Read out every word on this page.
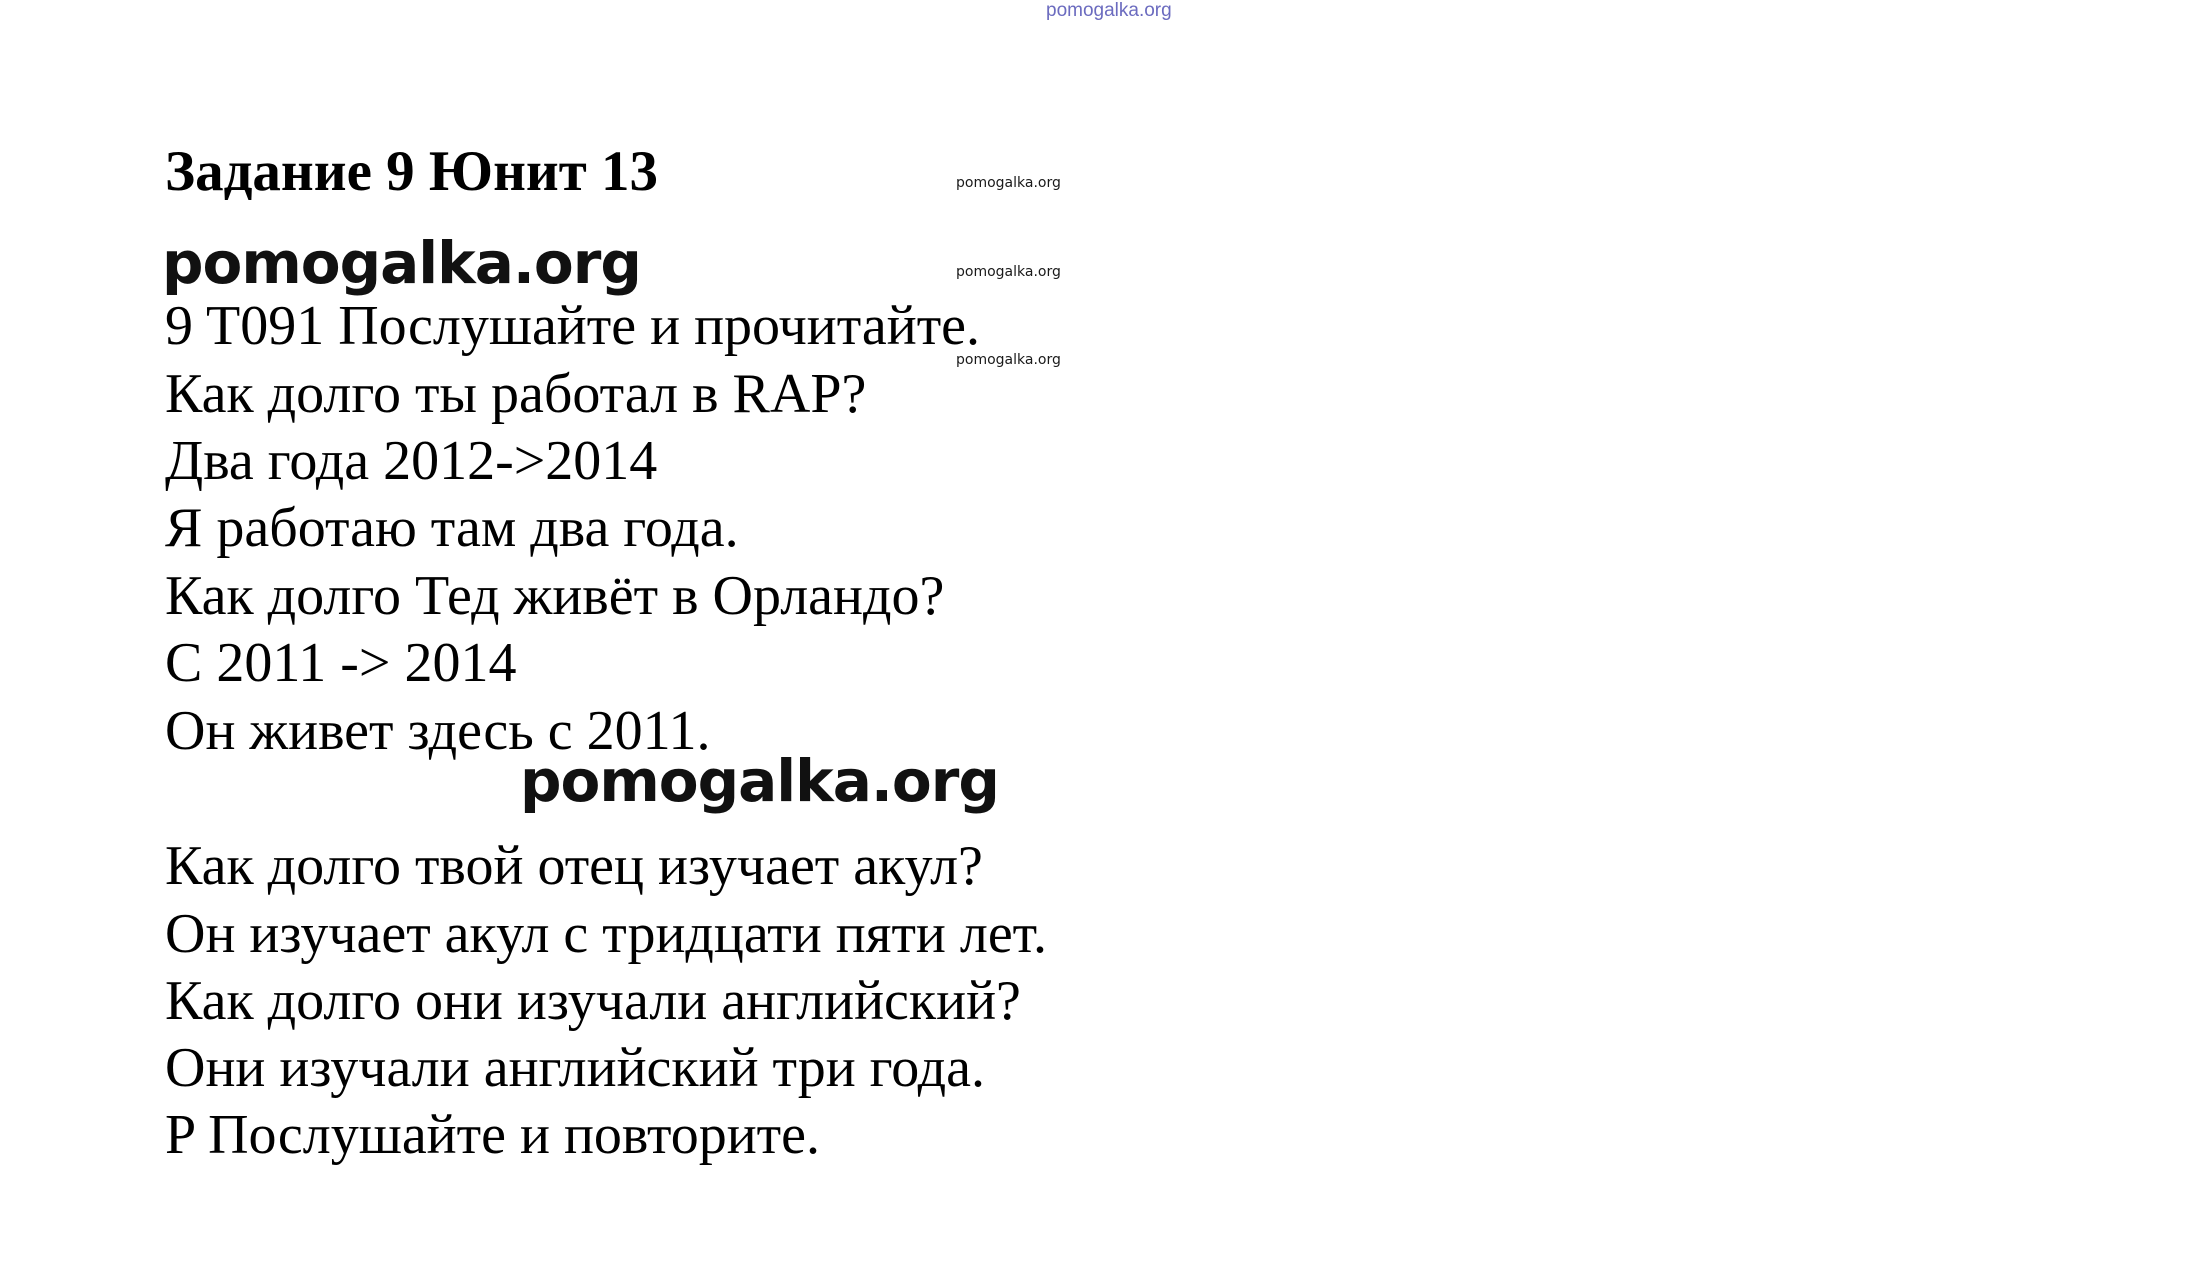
pomogalka.org
pomogalka.org
pomogalka.org
pomogalka.org
Задание 9 Юнит 13
pomogalka.org
9 T091 Послушайте и прочитайте.
Как долго ты работал в RAP?
Два года 2012->2014
Я работаю там два года.
Как долго Тед живёт в Орландо?
С 2011 -> 2014
Он живет здесь с 2011.
pomogalka.org
Как долго твой отец изучает акул?
Он изучает акул с тридцати пяти лет.
Как долго они изучали английский?
Они изучали английский три года.
P Послушайте и повторите.
